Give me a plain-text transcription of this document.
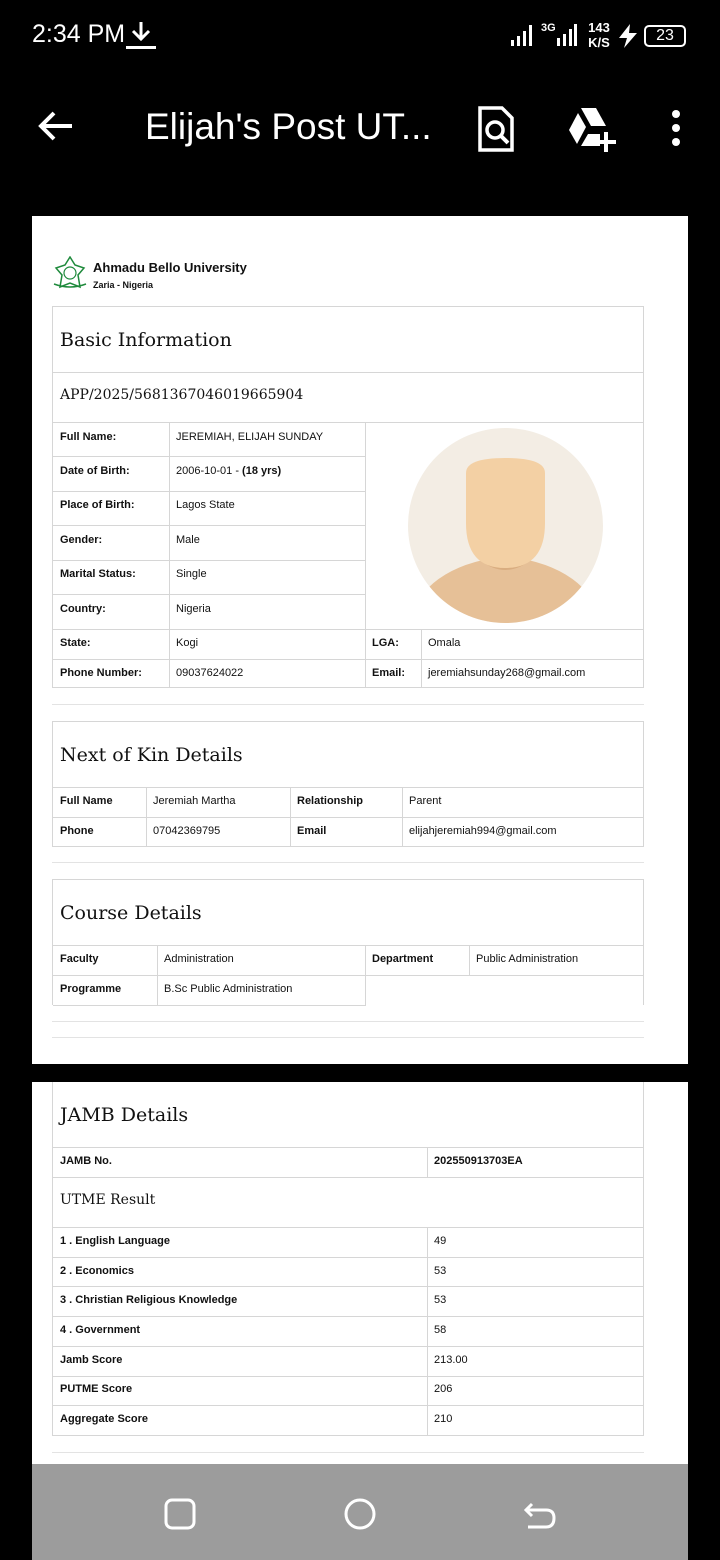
2:34 PM	3G	143
K/S	23
Elijah's Post UT...
Ahmadu Bello University
Zaria - Nigeria
Basic Information
APP/2025/5681367046019665904
Full Name:	JEREMIAH, ELIJAH SUNDAY
Date of Birth:	2006-10-01 - (18 yrs)
Place of Birth:	Lagos State
Gender:	Male
Marital Status:	Single
Country:	Nigeria
State:	Kogi	LGA:	Omala
Phone Number:	09037624022	Email:	jeremiahsunday268@gmail.com
Next of Kin Details
Full Name	Jeremiah Martha	Relationship	Parent
Phone	07042369795	Email	elijahjeremiah994@gmail.com
Course Details
Faculty	Administration	Department	Public Administration
Programme	B.Sc Public Administration
JAMB Details
JAMB No.	202550913703EA
UTME Result
1 . English Language	49
2 . Economics	53
3 . Christian Religious Knowledge	53
4 . Government	58
Jamb Score	213.00
PUTME Score	206
Aggregate Score	210
